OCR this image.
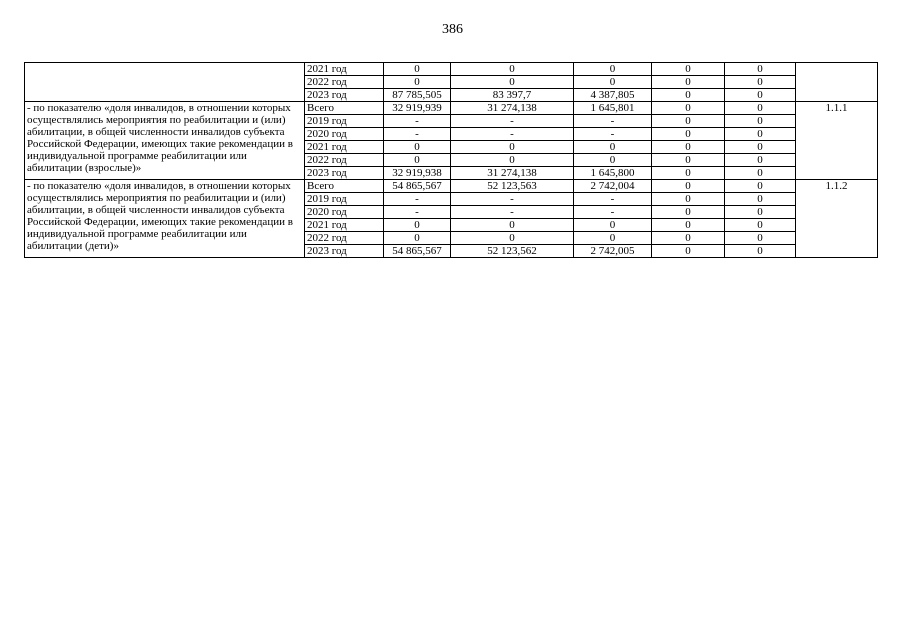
386
	2021 год	0	0	0	0	0	
	2022 год	0	0	0	0	0	
	2023 год	87 785,505	83 397,7	4 387,805	0	0	
- по показателю «доля инвалидов, в отношении которых осуществлялись мероприятия по реабилитации и (или) абилитации, в общей численности инвалидов субъекта Российской Федерации, имеющих такие рекомендации в индивидуальной программе реабилитации или абилитации (взрослые)»	Всего	32 919,939	31 274,138	1 645,801	0	0	1.1.1
	2019 год	-	-	-	0	0	
	2020 год	-	-	-	0	0	
	2021 год	0	0	0	0	0	
	2022 год	0	0	0	0	0	
	2023 год	32 919,938	31 274,138	1 645,800	0	0	
- по показателю «доля инвалидов, в отношении которых осуществлялись мероприятия по реабилитации и (или) абилитации, в общей численности инвалидов субъекта Российской Федерации, имеющих такие рекомендации в индивидуальной программе реабилитации или абилитации (дети)»	Всего	54 865,567	52 123,563	2 742,004	0	0	1.1.2
	2019 год	-	-	-	0	0	
	2020 год	-	-	-	0	0	
	2021 год	0	0	0	0	0	
	2022 год	0	0	0	0	0	
	2023 год	54 865,567	52 123,562	2 742,005	0	0	
